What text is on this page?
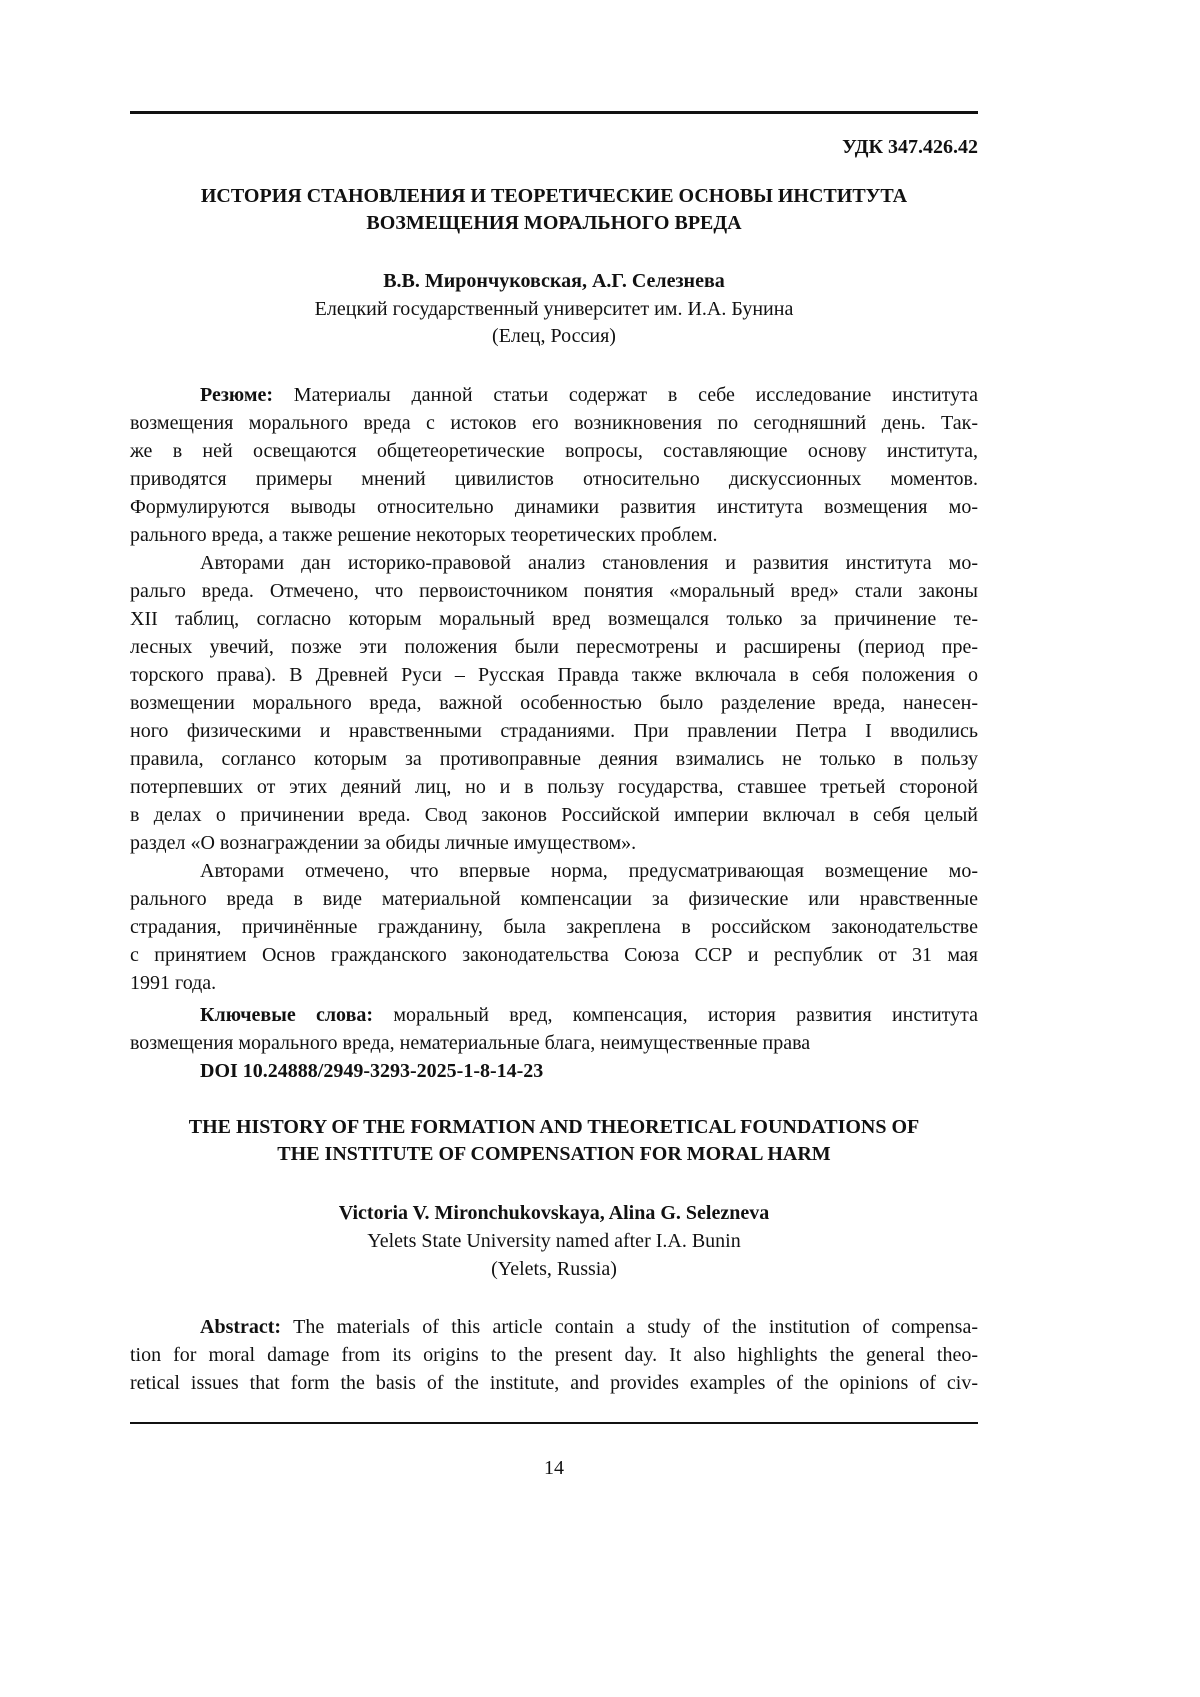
УДК 347.426.42
ИСТОРИЯ СТАНОВЛЕНИЯ И ТЕОРЕТИЧЕСКИЕ ОСНОВЫ ИНСТИТУТА
ВОЗМЕЩЕНИЯ МОРАЛЬНОГО ВРЕДА
В.В. Мирончуковская, А.Г. Селезнева
Елецкий государственный университет им. И.А. Бунина
(Елец, Россия)
Резюме: Материалы данной статьи содержат в себе исследование института
возмещения морального вреда с истоков его возникновения по сегодняшний день. Так-
же в ней освещаются общетеоретические вопросы, составляющие основу института,
приводятся примеры мнений цивилистов относительно дискуссионных моментов.
Формулируются выводы относительно динамики развития института возмещения мо-
рального вреда, а также решение некоторых теоретических проблем.
Авторами дан историко-правовой анализ становления и развития института мо-
ральго вреда. Отмечено, что первоисточником понятия «моральный вред» стали законы
XII таблиц, согласно которым моральный вред возмещался только за причинение те-
лесных увечий, позже эти положения были пересмотрены и расширены (период пре-
торского права). В Древней Руси – Русская Правда также включала в себя положения о
возмещении морального вреда, важной особенностью было разделение вреда, нанесен-
ного физическими и нравственными страданиями. При правлении Петра I вводились
правила, согланcо которым за противоправные деяния взимались не только в пользу
потерпевших от этих деяний лиц, но и в пользу государства, ставшее третьей стороной
в делах о причинении вреда. Свод законов Российской империи включал в себя целый
раздел «О вознаграждении за обиды личные имуществом».
Авторами отмечено, что впервые норма, предусматривающая возмещение мо-
рального вреда в виде материальной компенсации за физические или нравственные
страдания, причинённые гражданину, была закреплена в российском законодательстве
с принятием Основ гражданского законодательства Союза ССР и республик от 31 мая
1991 года.
Ключевые слова: моральный вред, компенсация, история развития института
возмещения морального вреда, нематериальные блага, неимущественные права
DOI 10.24888/2949-3293-2025-1-8-14-23
THE HISTORY OF THE FORMATION AND THEORETICAL FOUNDATIONS OF
THE INSTITUTE OF COMPENSATION FOR MORAL HARM
Victoria V. Mironchukovskaya, Alina G. Selezneva
Yelets State University named after I.A. Bunin
(Yelets, Russia)
Abstract: The materials of this article contain a study of the institution of compensa-
tion for moral damage from its origins to the present day. It also highlights the general theo-
retical issues that form the basis of the institute, and provides examples of the opinions of civ-
14
